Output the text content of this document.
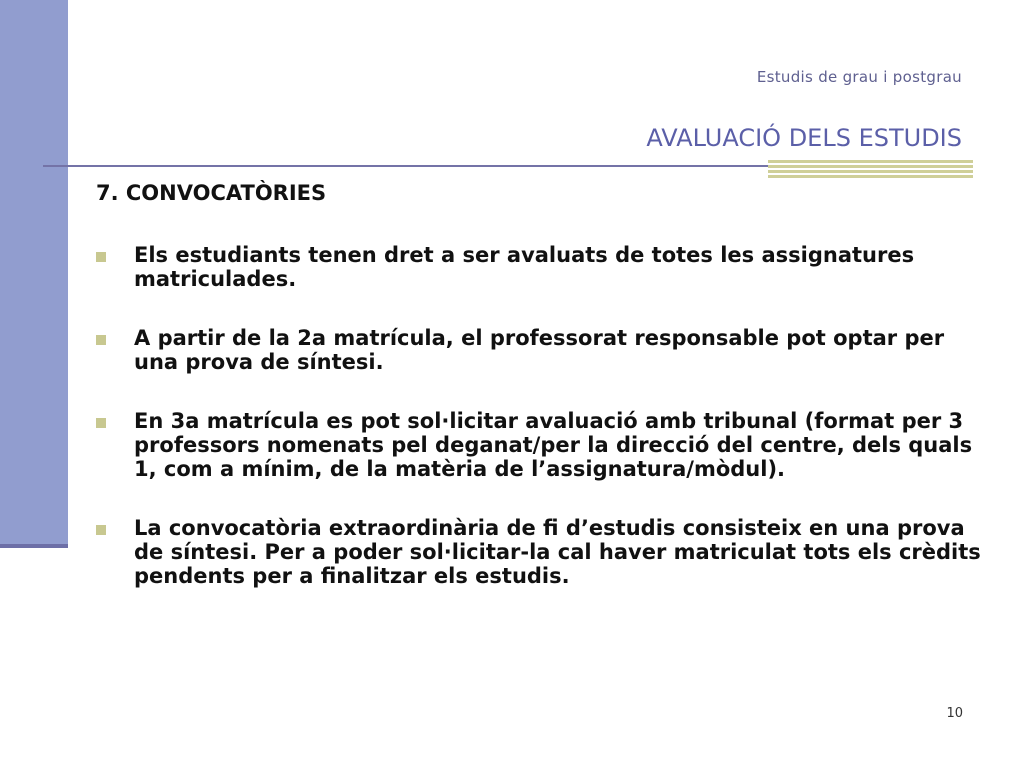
Estudis de grau i postgrau
AVALUACIÓ DELS ESTUDIS
7. CONVOCATÒRIES
Els estudiants tenen dret a ser avaluats de totes les assignatures matriculades.
A partir de la 2a matrícula, el professorat responsable pot optar per una prova de síntesi.
En 3a matrícula es pot sol·licitar avaluació amb tribunal (format per 3 professors nomenats pel deganat/per la direcció del centre, dels quals 1, com a mínim, de la matèria de l’assignatura/mòdul).
La convocatòria extraordinària de fi d’estudis consisteix en una prova de síntesi. Per a poder sol·licitar-la cal haver matriculat tots els crèdits pendents per a finalitzar els estudis.
10
